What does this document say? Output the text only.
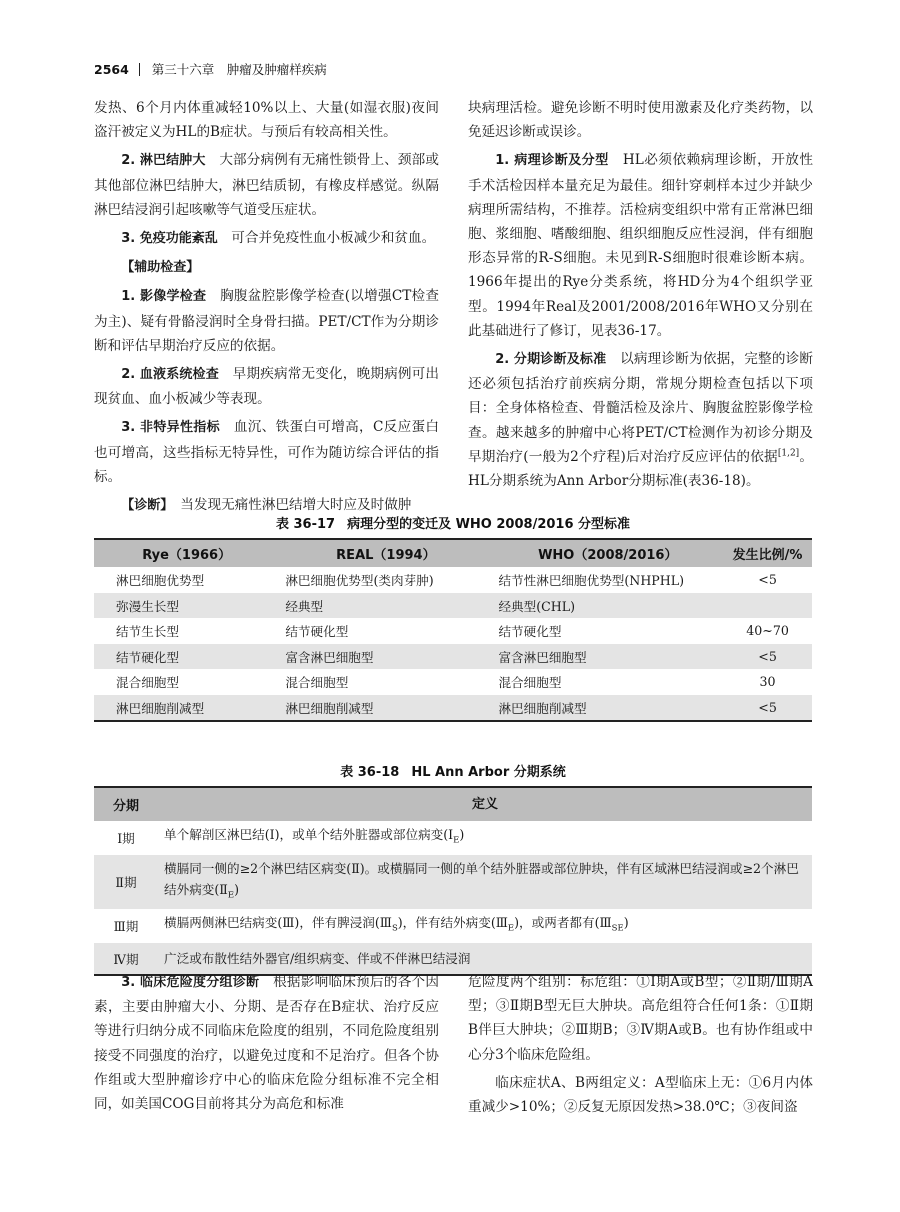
2564 第三十六章　肿瘤及肿瘤样疾病

发热、6个月内体重减轻10%以上、大量(如湿衣服)夜间盗汗被定义为HL的B症状。与预后有较高相关性。

2. 淋巴结肿大　大部分病例有无痛性锁骨上、颈部或其他部位淋巴结肿大，淋巴结质韧，有橡皮样感觉。纵隔淋巴结浸润引起咳嗽等气道受压症状。

3. 免疫功能紊乱　可合并免疫性血小板减少和贫血。

【辅助检查】

1. 影像学检查　胸腹盆腔影像学检查(以增强CT检查为主)、疑有骨骼浸润时全身骨扫描。PET/CT作为分期诊断和评估早期治疗反应的依据。

2. 血液系统检查　早期疾病常无变化，晚期病例可出现贫血、血小板减少等表现。

3. 非特异性指标　血沉、铁蛋白可增高，C反应蛋白也可增高，这些指标无特异性，可作为随访综合评估的指标。

【诊断】　当发现无痛性淋巴结增大时应及时做肿

块病理活检。避免诊断不明时使用激素及化疗类药物，以免延迟诊断或误诊。

1. 病理诊断及分型　HL必须依赖病理诊断，开放性手术活检因样本量充足为最佳。细针穿刺样本过少并缺少病理所需结构，不推荐。活检病变组织中常有正常淋巴细胞、浆细胞、嗜酸细胞、组织细胞反应性浸润，伴有细胞形态异常的R-S细胞。未见到R-S细胞时很难诊断本病。1966年提出的Rye分类系统，将HD分为4个组织学亚型。1994年Real及2001/2008/2016年WHO又分别在此基础进行了修订，见表36-17。

2. 分期诊断及标准　以病理诊断为依据，完整的诊断还必须包括治疗前疾病分期，常规分期检查包括以下项目：全身体格检查、骨髓活检及涂片、胸腹盆腔影像学检查。越来越多的肿瘤中心将PET/CT检测作为初诊分期及早期治疗(一般为2个疗程)后对治疗反应评估的依据[1,2]。HL分期系统为Ann Arbor分期标准(表36-18)。

表 36-17 病理分型的变迁及 WHO 2008/2016 分型标准
Rye（1966）	REAL（1994）	WHO（2008/2016）	发生比例/%
淋巴细胞优势型	淋巴细胞优势型(类肉芽肿)	结节性淋巴细胞优势型(NHPHL)	<5
弥漫生长型	经典型	经典型(CHL)	
结节生长型	结节硬化型	结节硬化型	40~70
结节硬化型	富含淋巴细胞型	富含淋巴细胞型	<5
混合细胞型	混合细胞型	混合细胞型	30
淋巴细胞削减型	淋巴细胞削减型	淋巴细胞削减型	<5
表 36-18 HL Ann Arbor 分期系统
分期	定义
Ⅰ期	单个解剖区淋巴结(Ⅰ)，或单个结外脏器或部位病变$(Ⅰ_E)$
Ⅱ期	横膈同一侧的≥2个淋巴结区病变(Ⅱ)。或横膈同一侧的单个结外脏器或部位肿块，伴有区域淋巴结浸润或≥2个淋巴结外病变$(Ⅱ_E)$
Ⅲ期	横膈两侧淋巴结病变(Ⅲ)，伴有脾浸润$(Ⅲ_S)$，伴有结外病变$(Ⅲ_E)$，或两者都有$(Ⅲ_{SE})$
Ⅳ期	广泛或布散性结外器官/组织病变、伴或不伴淋巴结浸润

3. 临床危险度分组诊断　根据影响临床预后的各个因素，主要由肿瘤大小、分期、是否存在B症状、治疗反应等进行归纳分成不同临床危险度的组别，不同危险度组别接受不同强度的治疗，以避免过度和不足治疗。但各个协作组或大型肿瘤诊疗中心的临床危险分组标准不完全相同，如美国COG目前将其分为高危和标准

危险度两个组别：标危组：①Ⅰ期A或B型；②Ⅱ期/Ⅲ期A型；③Ⅱ期B型无巨大肿块。高危组符合任何1条：①Ⅱ期B伴巨大肿块；②Ⅲ期B；③Ⅳ期A或B。也有协作组或中心分3个临床危险组。

临床症状A、B两组定义：A型临床上无：①6月内体重减少>10%；②反复无原因发热>38.0℃；③夜间盗
